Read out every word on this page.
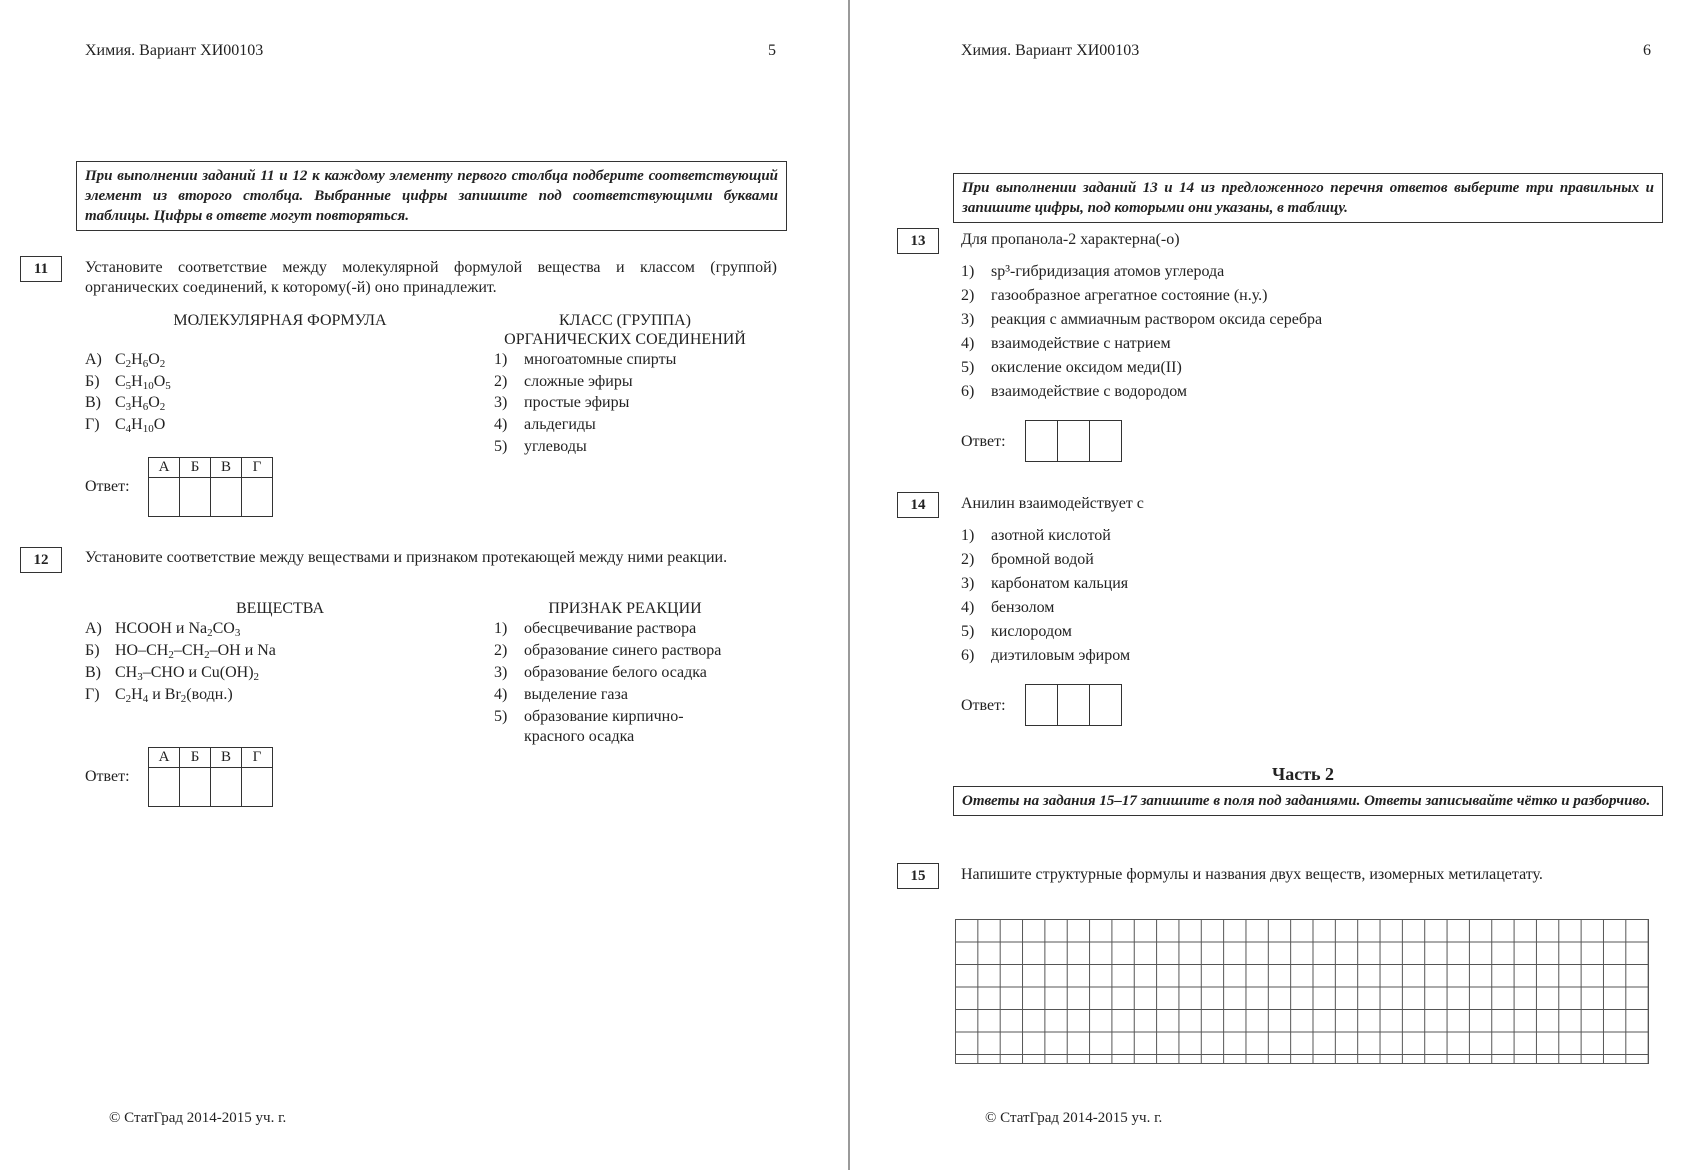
Химия. Вариант ХИ00103	5
При выполнении заданий 11 и 12 к каждому элементу первого столбца подберите соответствующий элемент из второго столбца. Выбранные цифры запишите под соответствующими буквами таблицы. Цифры в ответе могут повторяться.
11	Установите соответствие между молекулярной формулой вещества и классом (группой) органических соединений, к которому(-й) оно принадлежит.
МОЛЕКУЛЯРНАЯ ФОРМУЛА	КЛАСС (ГРУППА)
ОРГАНИЧЕСКИХ СОЕДИНЕНИЙ
А) $C_2H_6O_2$
Б) $C_5H_{10}O_5$
В) $C_3H_6O_2$
Г) $C_4H_{10}O$
1) многоатомные спирты
2) сложные эфиры
3) простые эфиры
4) альдегиды
5) углеводы
Ответ:
А	Б	В	Г

12	Установите соответствие между веществами и признаком протекающей между ними реакции.
ВЕЩЕСТВА	ПРИЗНАК РЕАКЦИИ
А) HCOOH и $Na_2CO_3$
Б) $HO-CH_2-CH_2-OH$ и Na
В) $CH_3$–CHO и $Cu(OH)_2$
Г) $C_2H_4$ и $Br_2(водн.)$
1) обесцвечивание раствора
2) образование синего раствора
3) образование белого осадка
4) выделение газа
5) образование кирпично-
красного осадка
Ответ:
А	Б	В	Г

© СтатГрад 2014-2015 уч. г.
Химия. Вариант ХИ00103	6
При выполнении заданий 13 и 14 из предложенного перечня ответов выберите три правильных и запишите цифры, под которыми они указаны, в таблицу.
13	Для пропанола-2 характерна(-о)
1) sp³-гибридизация атомов углерода
2) газообразное агрегатное состояние (н.у.)
3) реакция с аммиачным раствором оксида серебра
4) взаимодействие с натрием
5) окисление оксидом меди(II)
6) взаимодействие с водородом
Ответ:

14	Анилин взаимодействует с
1) азотной кислотой
2) бромной водой
3) карбонатом кальция
4) бензолом
5) кислородом
6) диэтиловым эфиром
Ответ:

Часть 2
Ответы на задания 15–17 запишите в поля под заданиями. Ответы записывайте чётко и разборчиво.
15	Напишите структурные формулы и названия двух веществ, изомерных метилацетату.
© СтатГрад 2014-2015 уч. г.
